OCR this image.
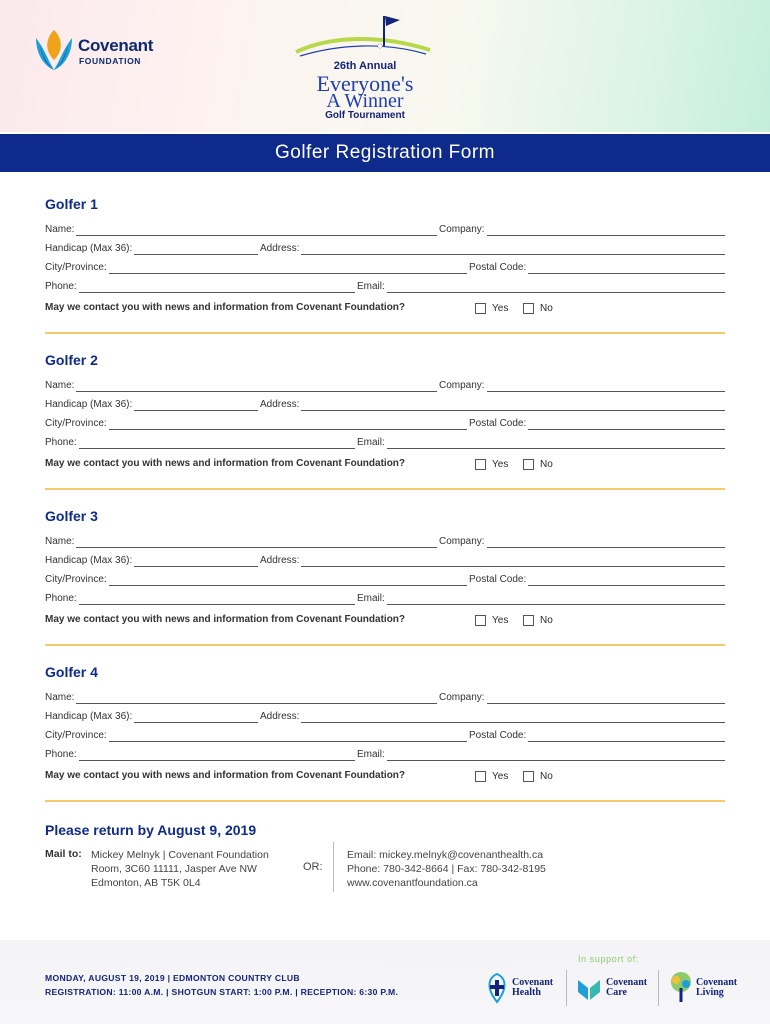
Covenant
FOUNDATION	26th Annual
Everyone's
A Winner
Golf Tournament
Golfer Registration Form
Golfer 1
Name:	Company:
Handicap (Max 36):	Address:
City/Province:	Postal Code:
Phone:	Email:
May we contact you with news and information from Covenant Foundation?	Yes	No
Golfer 2
Name:	Company:
Handicap (Max 36):	Address:
City/Province:	Postal Code:
Phone:	Email:
May we contact you with news and information from Covenant Foundation?	Yes	No
Golfer 3
Name:	Company:
Handicap (Max 36):	Address:
City/Province:	Postal Code:
Phone:	Email:
May we contact you with news and information from Covenant Foundation?	Yes	No
Golfer 4
Name:	Company:
Handicap (Max 36):	Address:
City/Province:	Postal Code:
Phone:	Email:
May we contact you with news and information from Covenant Foundation?	Yes	No
Please return by August 9, 2019
Mail to: Mickey Melnyk | Covenant Foundation
Room, 3C60 11111, Jasper Ave NW
Edmonton, AB T5K 0L4
OR:
Email: mickey.melnyk@covenanthealth.ca
Phone: 780-342-8664 | Fax: 780-342-8195
www.covenantfoundation.ca
MONDAY, AUGUST 19, 2019 | EDMONTON COUNTRY CLUB
REGISTRATION: 11:00 A.M. | SHOTGUN START: 1:00 P.M. | RECEPTION: 6:30 P.M.
In support of:
Covenant
Health
Covenant
Care
Covenant
Living
